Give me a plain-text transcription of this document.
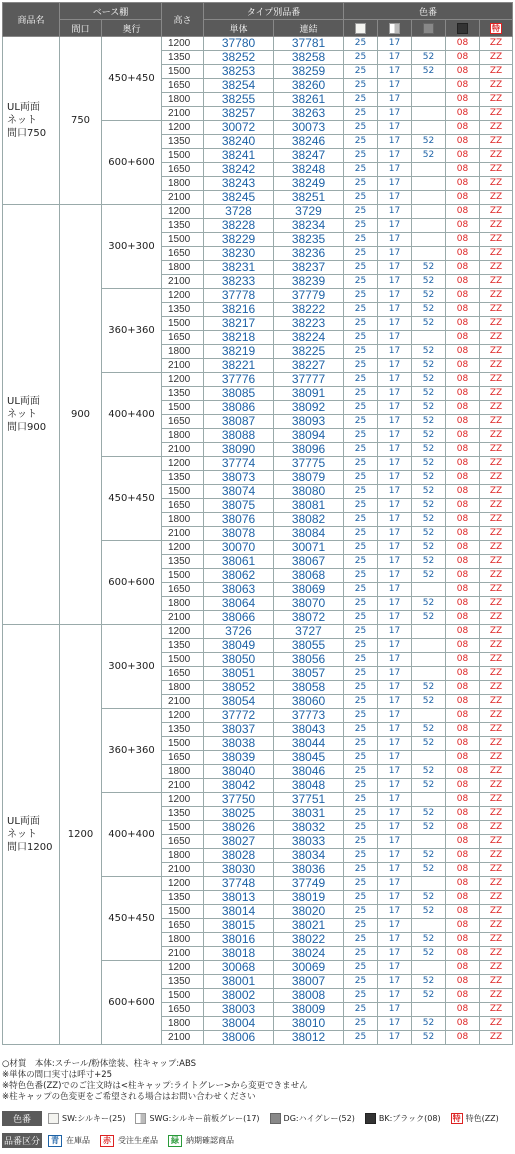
商品名	ベース棚		高さ	タイプ別品番		色番				
	間口	奥行		単体	連結					特

UL両面
ネット
間口750	750	450+450	1200	37780	37781	25	17		08	ZZ
			1350	38252	38258	25	17	52	08	ZZ
			1500	38253	38259	25	17	52	08	ZZ
			1650	38254	38260	25	17		08	ZZ
			1800	38255	38261	25	17		08	ZZ
			2100	38257	38263	25	17		08	ZZ
		600+600	1200	30072	30073	25	17		08	ZZ
			1350	38240	38246	25	17	52	08	ZZ
			1500	38241	38247	25	17	52	08	ZZ
			1650	38242	38248	25	17		08	ZZ
			1800	38243	38249	25	17		08	ZZ
			2100	38245	38251	25	17		08	ZZ

UL両面
ネット
間口900	900	300+300	1200	3728	3729	25	17		08	ZZ
			1350	38228	38234	25	17		08	ZZ
			1500	38229	38235	25	17		08	ZZ
			1650	38230	38236	25	17		08	ZZ
			1800	38231	38237	25	17	52	08	ZZ
			2100	38233	38239	25	17	52	08	ZZ
		360+360	1200	37778	37779	25	17	52	08	ZZ
			1350	38216	38222	25	17	52	08	ZZ
			1500	38217	38223	25	17	52	08	ZZ
			1650	38218	38224	25	17		08	ZZ
			1800	38219	38225	25	17	52	08	ZZ
			2100	38221	38227	25	17	52	08	ZZ
		400+400	1200	37776	37777	25	17	52	08	ZZ
			1350	38085	38091	25	17	52	08	ZZ
			1500	38086	38092	25	17	52	08	ZZ
			1650	38087	38093	25	17	52	08	ZZ
			1800	38088	38094	25	17	52	08	ZZ
			2100	38090	38096	25	17	52	08	ZZ
		450+450	1200	37774	37775	25	17	52	08	ZZ
			1350	38073	38079	25	17	52	08	ZZ
			1500	38074	38080	25	17	52	08	ZZ
			1650	38075	38081	25	17	52	08	ZZ
			1800	38076	38082	25	17	52	08	ZZ
			2100	38078	38084	25	17	52	08	ZZ
		600+600	1200	30070	30071	25	17	52	08	ZZ
			1350	38061	38067	25	17	52	08	ZZ
			1500	38062	38068	25	17	52	08	ZZ
			1650	38063	38069	25	17		08	ZZ
			1800	38064	38070	25	17	52	08	ZZ
			2100	38066	38072	25	17	52	08	ZZ

UL両面
ネット
間口1200	1200	300+300	1200	3726	3727	25	17		08	ZZ
			1350	38049	38055	25	17		08	ZZ
			1500	38050	38056	25	17		08	ZZ
			1650	38051	38057	25	17		08	ZZ
			1800	38052	38058	25	17	52	08	ZZ
			2100	38054	38060	25	17	52	08	ZZ
		360+360	1200	37772	37773	25	17		08	ZZ
			1350	38037	38043	25	17	52	08	ZZ
			1500	38038	38044	25	17	52	08	ZZ
			1650	38039	38045	25	17		08	ZZ
			1800	38040	38046	25	17	52	08	ZZ
			2100	38042	38048	25	17	52	08	ZZ
		400+400	1200	37750	37751	25	17		08	ZZ
			1350	38025	38031	25	17	52	08	ZZ
			1500	38026	38032	25	17	52	08	ZZ
			1650	38027	38033	25	17		08	ZZ
			1800	38028	38034	25	17	52	08	ZZ
			2100	38030	38036	25	17	52	08	ZZ
		450+450	1200	37748	37749	25	17		08	ZZ
			1350	38013	38019	25	17	52	08	ZZ
			1500	38014	38020	25	17	52	08	ZZ
			1650	38015	38021	25	17		08	ZZ
			1800	38016	38022	25	17	52	08	ZZ
			2100	38018	38024	25	17	52	08	ZZ
		600+600	1200	30068	30069	25	17		08	ZZ
			1350	38001	38007	25	17	52	08	ZZ
			1500	38002	38008	25	17	52	08	ZZ
			1650	38003	38009	25	17		08	ZZ
			1800	38004	38010	25	17	52	08	ZZ
			2100	38006	38012	25	17	52	08	ZZ
○材質　本体:スチール/粉体塗装、柱キャップ:ABS
※単体の間口実寸は呼寸+25
※特色色番(ZZ)でのご注文時は<柱キャップ:ライトグレー>から変更できません
※柱キャップの色変更をご希望される場合はお問い合わせください
色番	SW:シルキー(25)	SWG:シルキー前板グレー(17)	DG:ハイグレー(52)	BK:ブラック(08) 特 特色(ZZ)
品番区分	青 在庫品	赤 受注生産品	緑 納期確認商品
